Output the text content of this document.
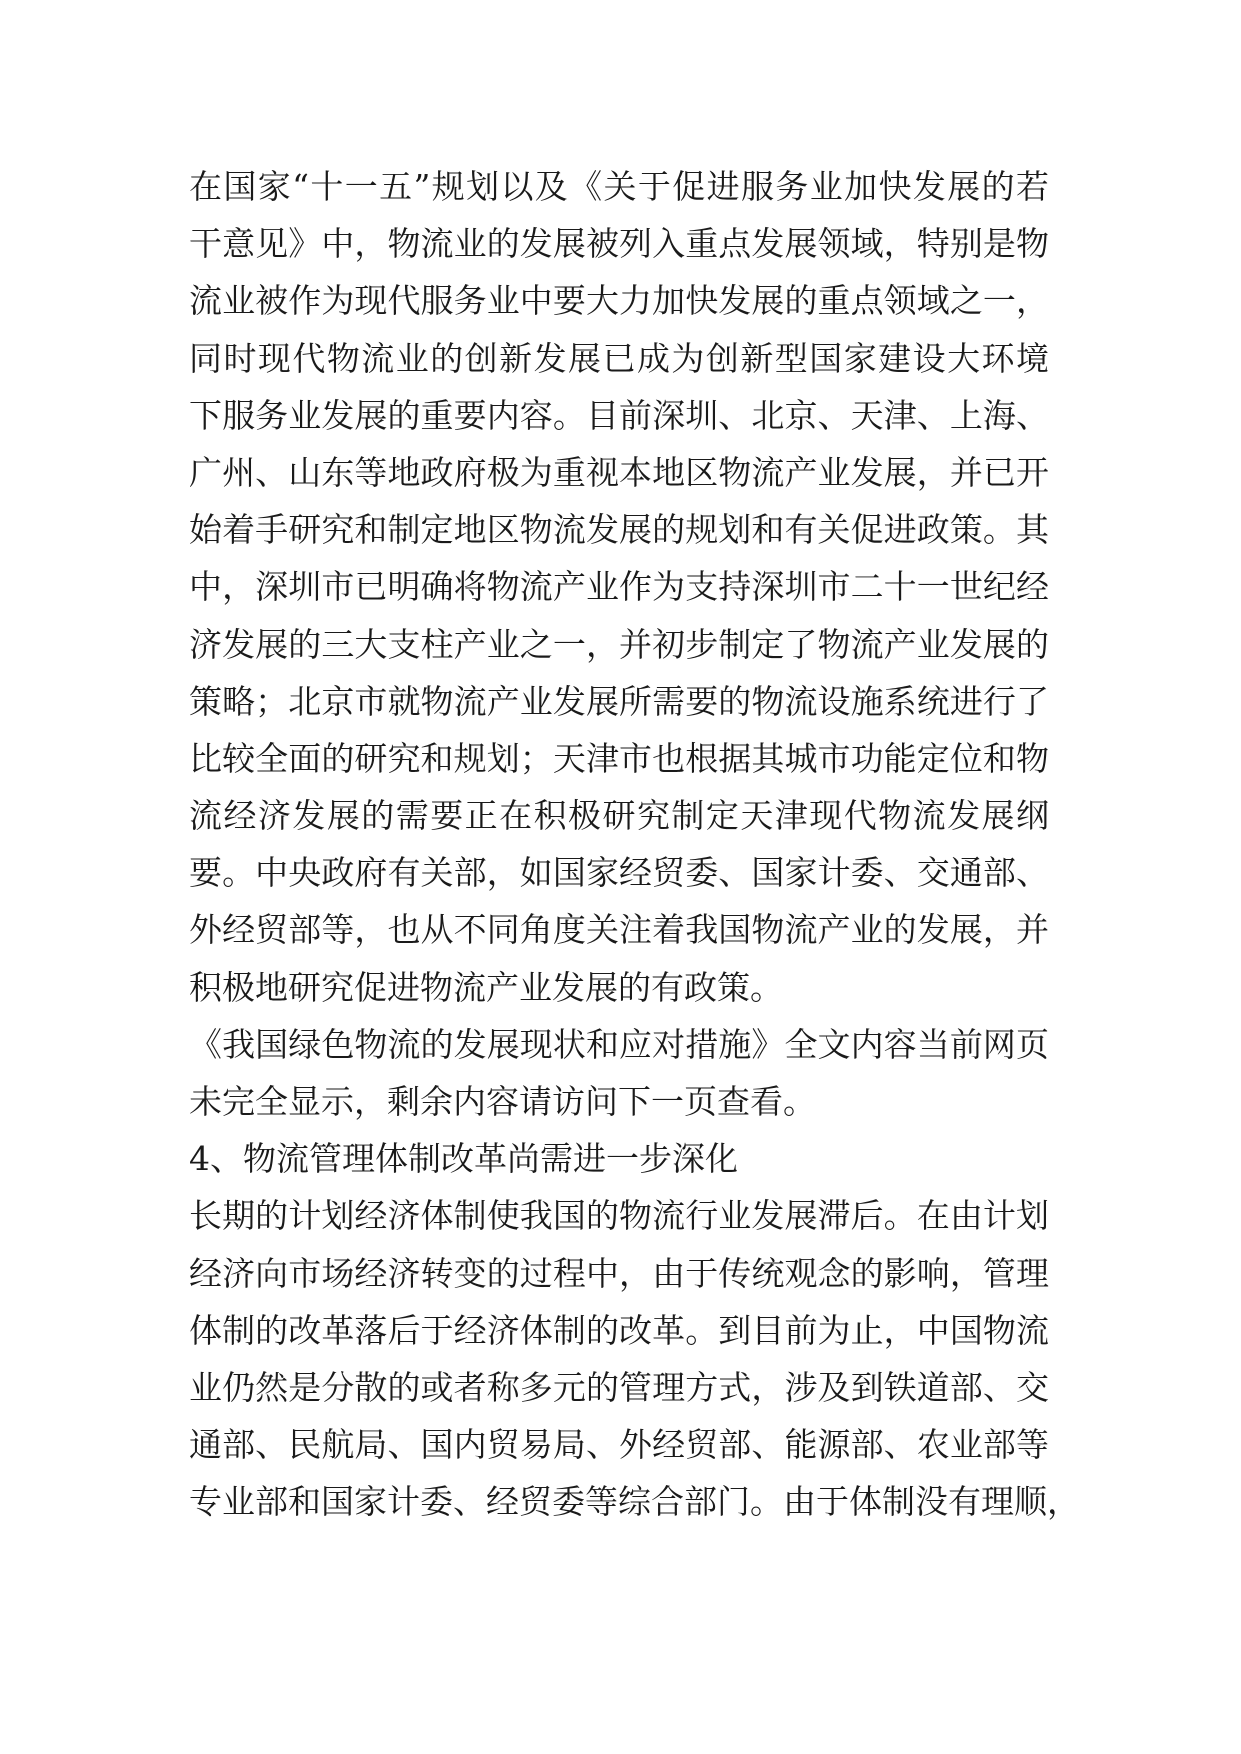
在国家“十一五”规划以及《关于促进服务业加快发展的若
干意见》中，物流业的发展被列入重点发展领域，特别是物
流业被作为现代服务业中要大力加快发展的重点领域之一，
同时现代物流业的创新发展已成为创新型国家建设大环境
下服务业发展的重要内容。目前深圳、北京、天津、上海、
广州、山东等地政府极为重视本地区物流产业发展，并已开
始着手研究和制定地区物流发展的规划和有关促进政策。其
中，深圳市已明确将物流产业作为支持深圳市二十一世纪经
济发展的三大支柱产业之一，并初步制定了物流产业发展的
策略；北京市就物流产业发展所需要的物流设施系统进行了
比较全面的研究和规划；天津市也根据其城市功能定位和物
流经济发展的需要正在积极研究制定天津现代物流发展纲
要。中央政府有关部，如国家经贸委、国家计委、交通部、
外经贸部等，也从不同角度关注着我国物流产业的发展，并
积极地研究促进物流产业发展的有政策。
《我国绿色物流的发展现状和应对措施》全文内容当前网页
未完全显示，剩余内容请访问下一页查看。
4、物流管理体制改革尚需进一步深化
长期的计划经济体制使我国的物流行业发展滞后。在由计划
经济向市场经济转变的过程中，由于传统观念的影响，管理
体制的改革落后于经济体制的改革。到目前为止，中国物流
业仍然是分散的或者称多元的管理方式，涉及到铁道部、交
通部、民航局、国内贸易局、外经贸部、能源部、农业部等
专业部和国家计委、经贸委等综合部门。由于体制没有理顺，
